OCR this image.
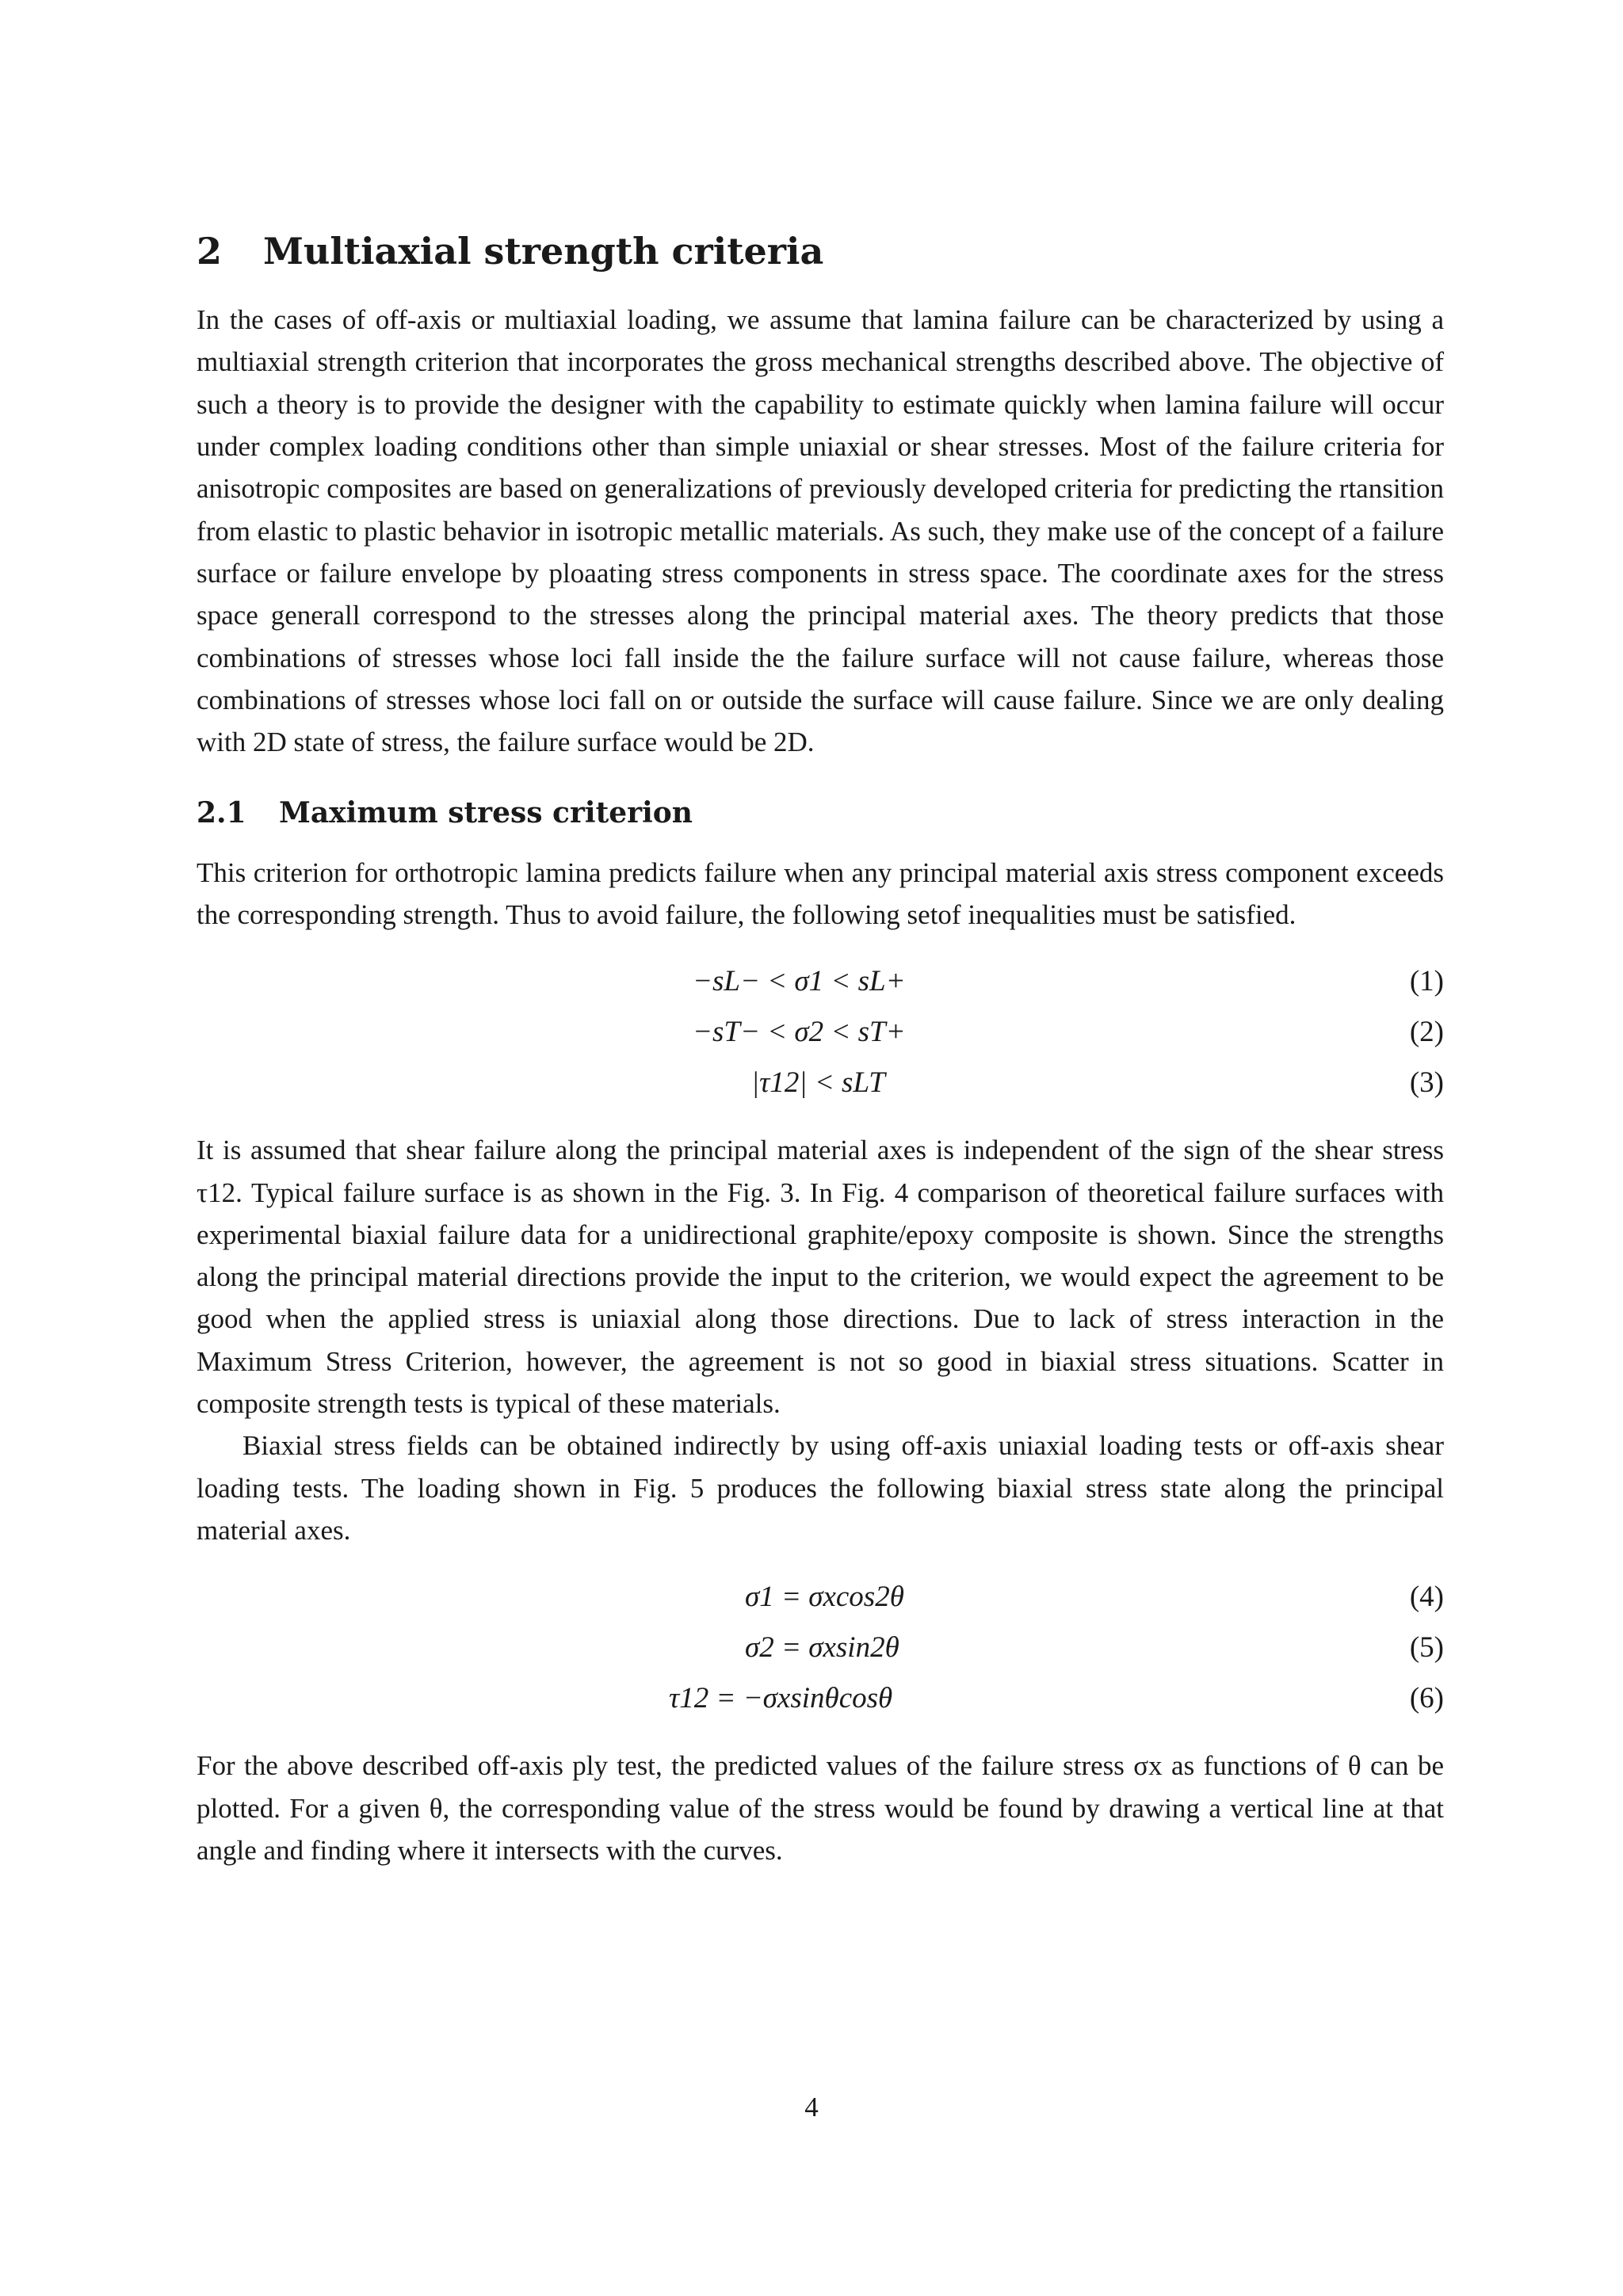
2	Multiaxial strength criteria

In the cases of off-axis or multiaxial loading, we assume that lamina failure can be characterized by using a multiaxial strength criterion that incorporates the gross mechanical strengths described above. The objective of such a theory is to provide the designer with the capability to estimate quickly when lamina failure will occur under complex loading conditions other than simple uniaxial or shear stresses. Most of the failure criteria for anisotropic composites are based on generalizations of previously developed criteria for predicting the rtansition from elastic to plastic behavior in isotropic metallic materials. As such, they make use of the concept of a failure surface or failure envelope by ploaating stress components in stress space. The coordinate axes for the stress space generall correspond to the stresses along the principal material axes. The theory predicts that those combinations of stresses whose loci fall inside the the failure surface will not cause failure, whereas those combinations of stresses whose loci fall on or outside the surface will cause failure. Since we are only dealing with 2D state of stress, the failure surface would be 2D.

2.1	Maximum stress criterion

This criterion for orthotropic lamina predicts failure when any principal material axis stress component exceeds the corresponding strength. Thus to avoid failure, the following setof inequalities must be satisfied.

−sL− < σ1 < sL+	(1)
−sT− < σ2 < sT+	(2)
|τ12| < sLT	(3)

It is assumed that shear failure along the principal material axes is independent of the sign of the shear stress τ12. Typical failure surface is as shown in the Fig. 3. In Fig. 4 comparison of theoretical failure surfaces with experimental biaxial failure data for a unidirectional graphite/epoxy composite is shown. Since the strengths along the principal material directions provide the input to the criterion, we would expect the agreement to be good when the applied stress is uniaxial along those directions. Due to lack of stress interaction in the Maximum Stress Criterion, however, the agreement is not so good in biaxial stress situations. Scatter in composite strength tests is typical of these materials.

Biaxial stress fields can be obtained indirectly by using off-axis uniaxial loading tests or off-axis shear loading tests. The loading shown in Fig. 5 produces the following biaxial stress state along the principal material axes.

σ1 = σxcos2θ	(4)
σ2 = σxsin2θ	(5)
τ12 = −σxsinθcosθ	(6)

For the above described off-axis ply test, the predicted values of the failure stress σx as functions of θ can be plotted. For a given θ, the corresponding value of the stress would be found by drawing a vertical line at that angle and finding where it intersects with the curves.

4
